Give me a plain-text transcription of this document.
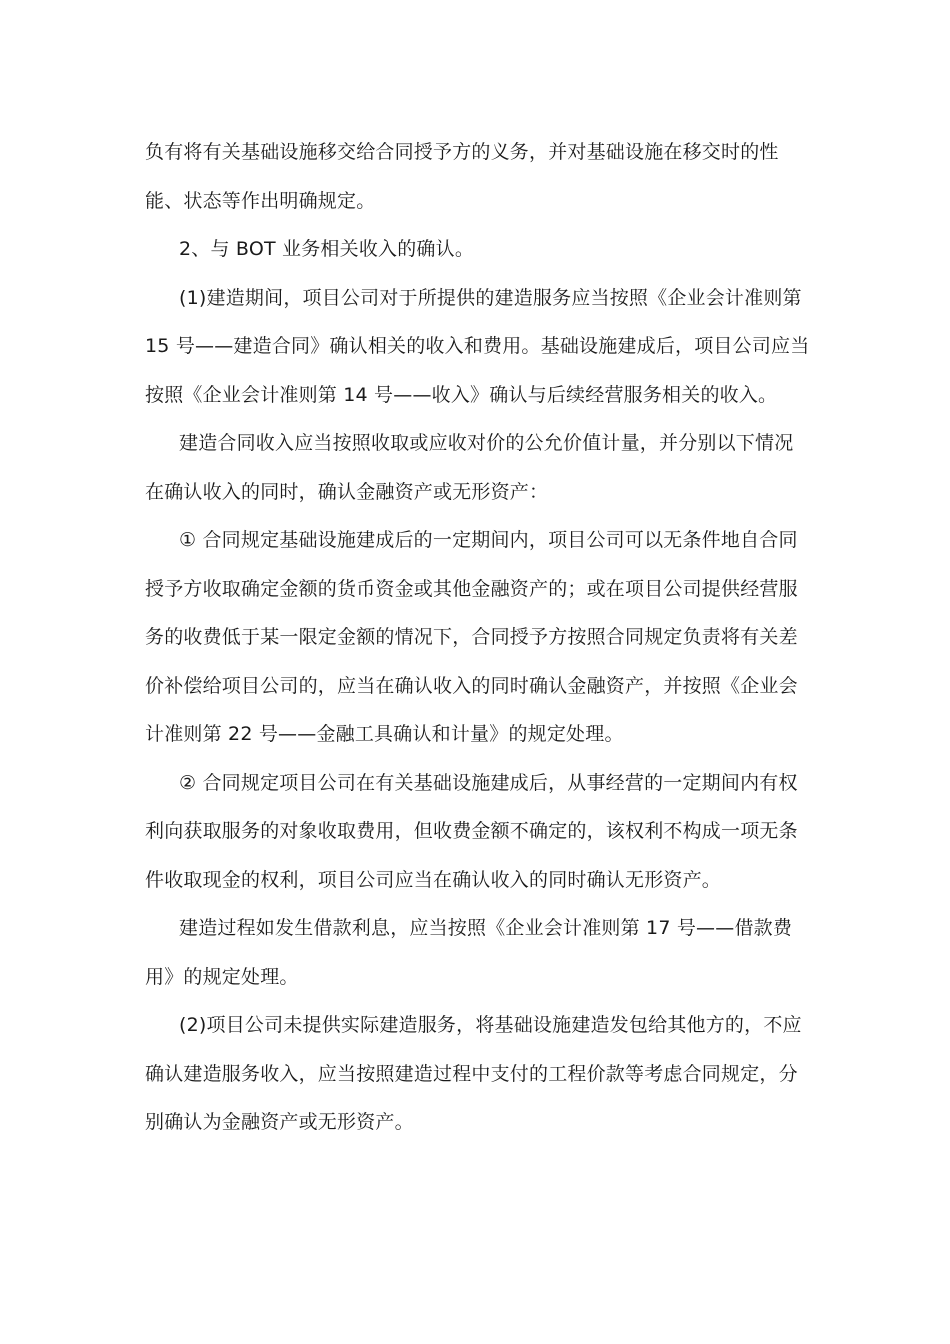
负有将有关基础设施移交给合同授予方的义务，并对基础设施在移交时的性
能、状态等作出明确规定。
2、与 BOT 业务相关收入的确认。
(1)建造期间，项目公司对于所提供的建造服务应当按照《企业会计准则第
15 号——建造合同》确认相关的收入和费用。基础设施建成后，项目公司应当
按照《企业会计准则第 14 号——收入》确认与后续经营服务相关的收入。
建造合同收入应当按照收取或应收对价的公允价值计量，并分别以下情况
在确认收入的同时，确认金融资产或无形资产：
① 合同规定基础设施建成后的一定期间内，项目公司可以无条件地自合同
授予方收取确定金额的货币资金或其他金融资产的；或在项目公司提供经营服
务的收费低于某一限定金额的情况下，合同授予方按照合同规定负责将有关差
价补偿给项目公司的，应当在确认收入的同时确认金融资产，并按照《企业会
计准则第 22 号——金融工具确认和计量》的规定处理。
② 合同规定项目公司在有关基础设施建成后，从事经营的一定期间内有权
利向获取服务的对象收取费用，但收费金额不确定的，该权利不构成一项无条
件收取现金的权利，项目公司应当在确认收入的同时确认无形资产。
建造过程如发生借款利息，应当按照《企业会计准则第 17 号——借款费
用》的规定处理。
(2)项目公司未提供实际建造服务，将基础设施建造发包给其他方的，不应
确认建造服务收入，应当按照建造过程中支付的工程价款等考虑合同规定，分
别确认为金融资产或无形资产。
